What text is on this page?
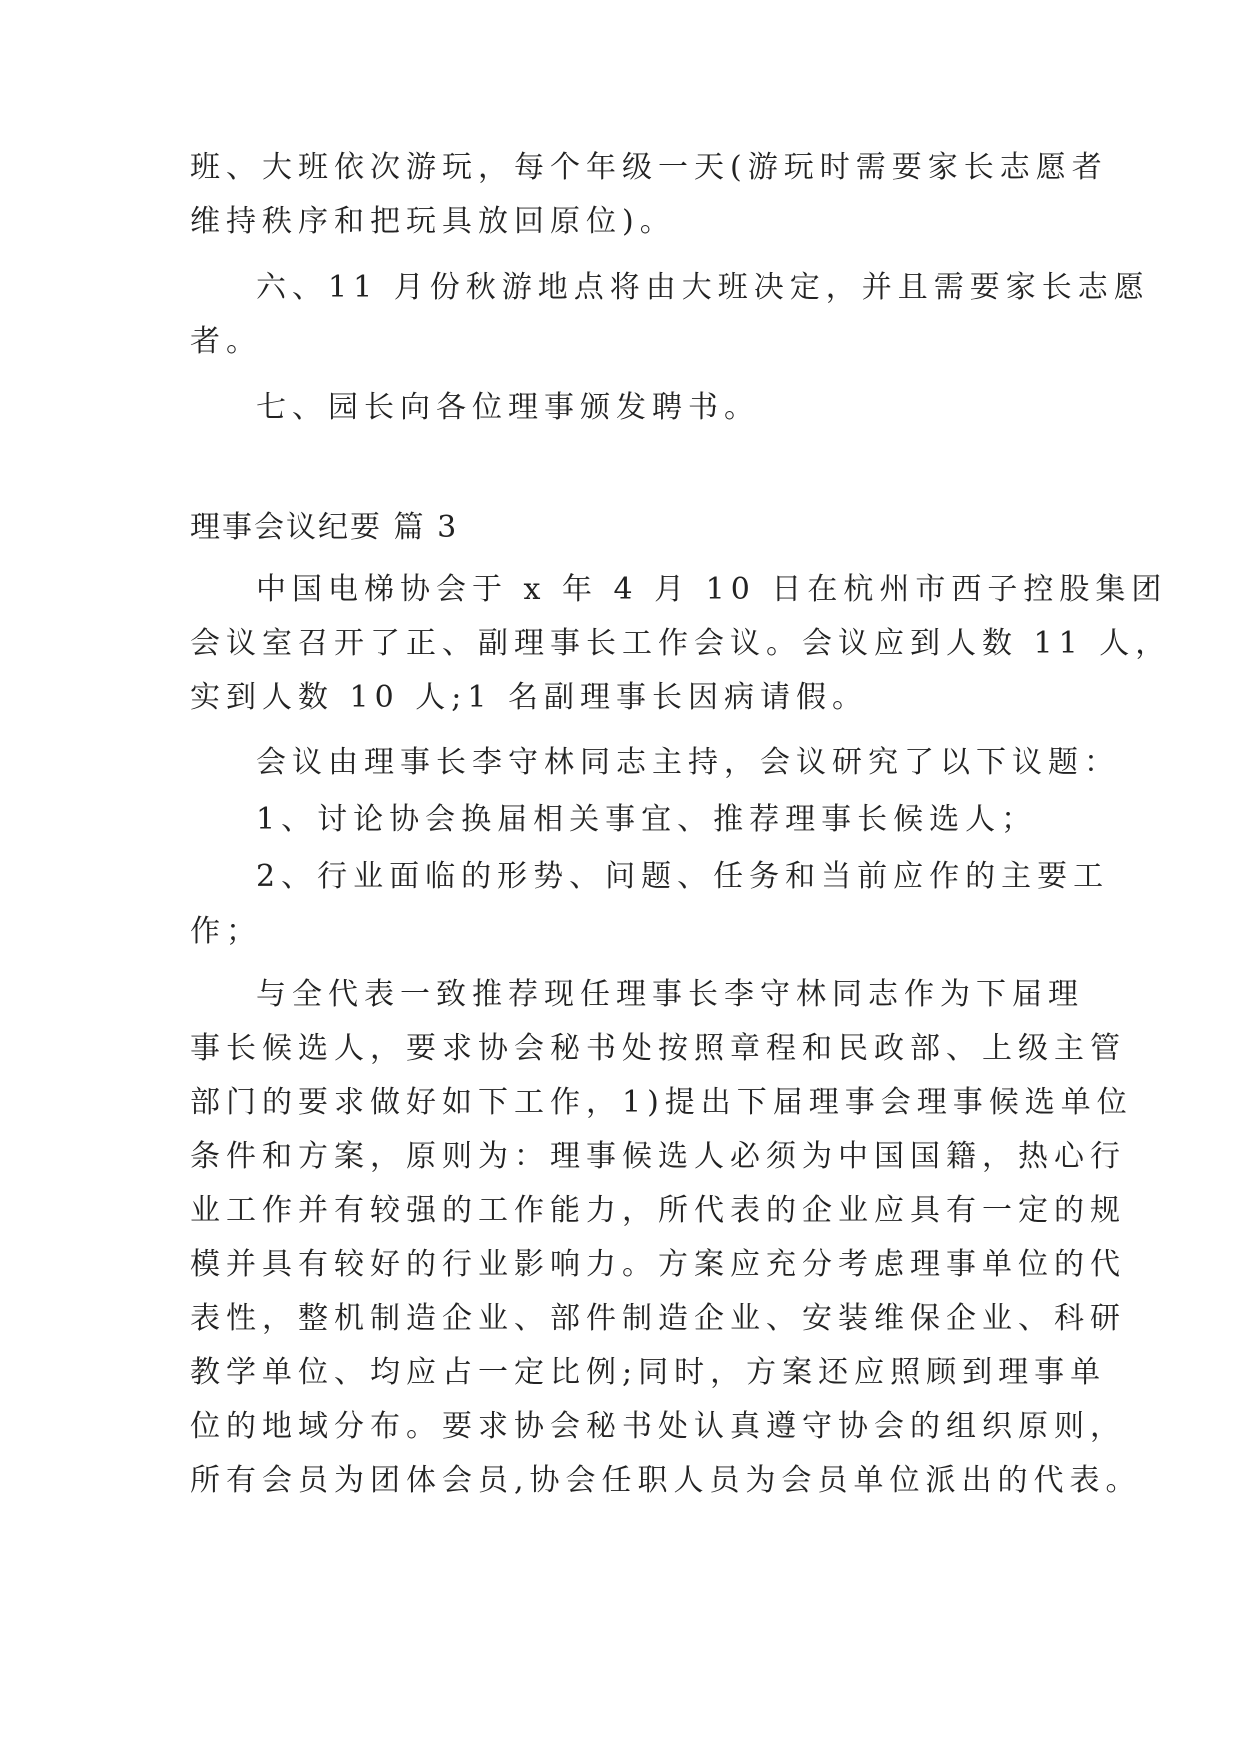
班、大班依次游玩，每个年级一天(游玩时需要家长志愿者
维持秩序和把玩具放回原位)。
六、11 月份秋游地点将由大班决定，并且需要家长志愿
者。
七、园长向各位理事颁发聘书。
理事会议纪要 篇 3
中国电梯协会于 x 年 4 月 10 日在杭州市西子控股集团
会议室召开了正、副理事长工作会议。会议应到人数 11 人，
实到人数 10 人;1 名副理事长因病请假。
会议由理事长李守林同志主持，会议研究了以下议题：
1、讨论协会换届相关事宜、推荐理事长候选人；
2、行业面临的形势、问题、任务和当前应作的主要工
作；
与全代表一致推荐现任理事长李守林同志作为下届理
事长候选人，要求协会秘书处按照章程和民政部、上级主管
部门的要求做好如下工作，1)提出下届理事会理事候选单位
条件和方案，原则为：理事候选人必须为中国国籍，热心行
业工作并有较强的工作能力，所代表的企业应具有一定的规
模并具有较好的行业影响力。方案应充分考虑理事单位的代
表性，整机制造企业、部件制造企业、安装维保企业、科研
教学单位、均应占一定比例;同时，方案还应照顾到理事单
位的地域分布。要求协会秘书处认真遵守协会的组织原则，
所有会员为团体会员,协会任职人员为会员单位派出的代表。
